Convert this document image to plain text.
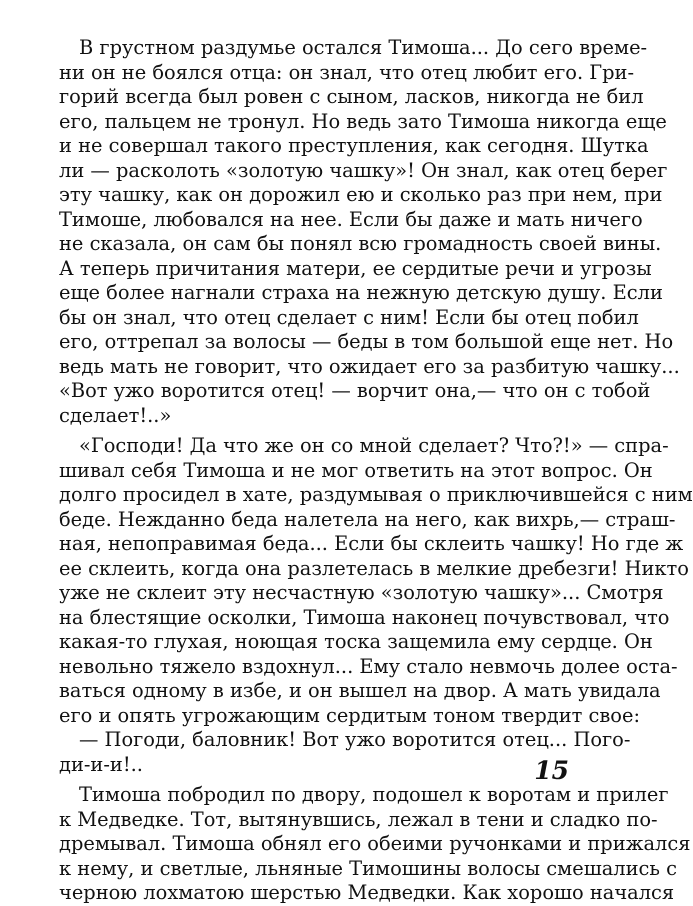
В грустном раздумье остался Тимоша... До сего време-
ни он не боялся отца: он знал, что отец любит его. Гри-
горий всегда был ровен с сыном, ласков, никогда не бил
его, пальцем не тронул. Но ведь зато Тимоша никогда еще
и не совершал такого преступления, как сегодня. Шутка
ли — расколоть «золотую чашку»! Он знал, как отец берег
эту чашку, как он дорожил ею и сколько раз при нем, при
Тимоше, любовался на нее. Если бы даже и мать ничего
не сказала, он сам бы понял всю громадность своей вины.
А теперь причитания матери, ее сердитые речи и угрозы
еще более нагнали страха на нежную детскую душу. Если
бы он знал, что отец сделает с ним! Если бы отец побил
его, оттрепал за волосы — беды в том большой еще нет. Но
ведь мать не говорит, что ожидает его за разбитую чашку...
«Вот ужо воротится отец! — ворчит она,— что он с тобой
сделает!..»
«Господи! Да что же он со мной сделает? Что?!» — спра-
шивал себя Тимоша и не мог ответить на этот вопрос. Он
долго просидел в хате, раздумывая о приключившейся с ним
беде. Нежданно беда налетела на него, как вихрь,— страш-
ная, непоправимая беда... Если бы склеить чашку! Но где ж
ее склеить, когда она разлетелась в мелкие дребезги! Никто
уже не склеит эту несчастную «золотую чашку»... Смотря
на блестящие осколки, Тимоша наконец почувствовал, что
какая-то глухая, ноющая тоска защемила ему сердце. Он
невольно тяжело вздохнул... Ему стало невмочь долее оста-
ваться одному в избе, и он вышел на двор. А мать увидала
его и опять угрожающим сердитым тоном твердит свое:
— Погоди, баловник! Вот ужо воротится отец... Пого-
ди-и-и!..
Тимоша побродил по двору, подошел к воротам и прилег
к Медведке. Тот, вытянувшись, лежал в тени и сладко по-
дремывал. Тимоша обнял его обеими ручонками и прижался
к нему, и светлые, льняные Тимошины волосы смешались с
черною лохматою шерстью Медведки. Как хорошо начался
15
